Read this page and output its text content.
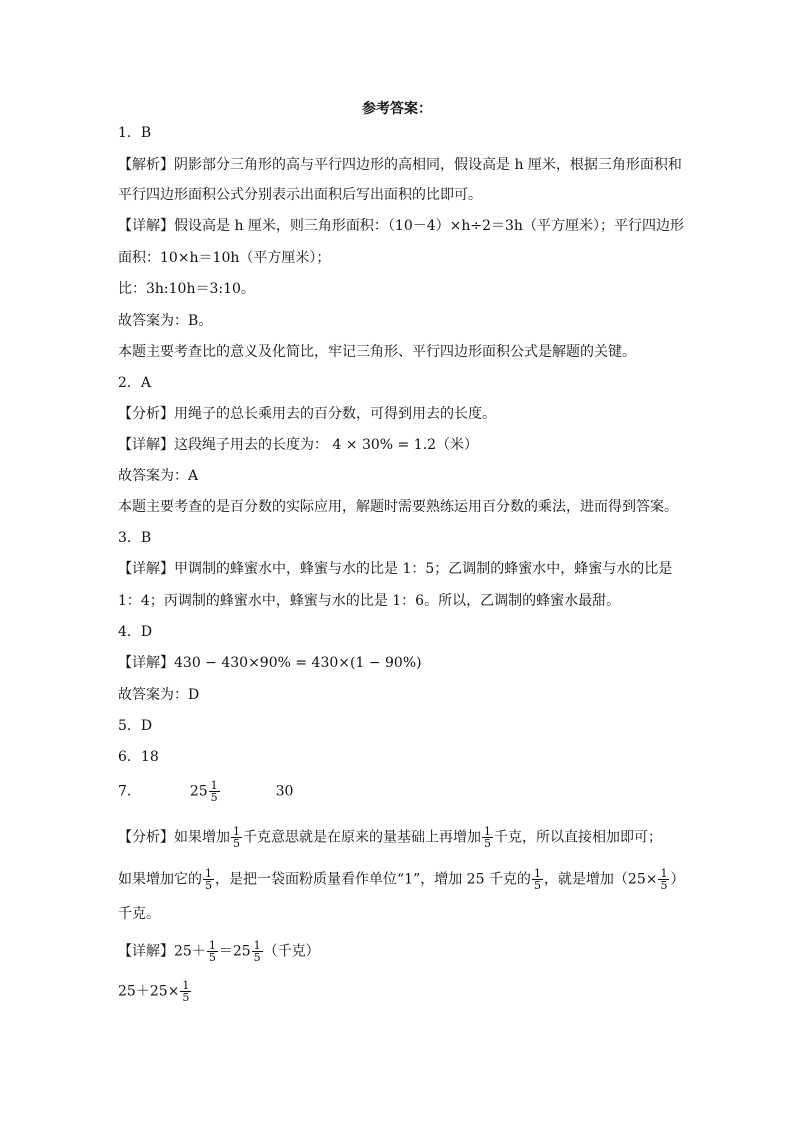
参考答案：
1．B
【解析】阴影部分三角形的高与平行四边形的高相同，假设高是 h 厘米，根据三角形面积和
平行四边形面积公式分别表示出面积后写出面积的比即可。
【详解】假设高是 h 厘米，则三角形面积：（10－4）×h÷2＝3h（平方厘米）；平行四边形
面积：10×h＝10h（平方厘米）；
比：3h:10h＝3:10。
故答案为：B。
本题主要考查比的意义及化简比，牢记三角形、平行四边形面积公式是解题的关键。
2．A
【分析】用绳子的总长乘用去的百分数，可得到用去的长度。
【详解】这段绳子用去的长度为： 4 × 30% = 1.2（米）
故答案为：A
本题主要考查的是百分数的实际应用，解题时需要熟练运用百分数的乘法，进而得到答案。
3．B
【详解】甲调制的蜂蜜水中，蜂蜜与水的比是 1：5；乙调制的蜂蜜水中，蜂蜜与水的比是
1：4；丙调制的蜂蜜水中，蜂蜜与水的比是 1：6。所以，乙调制的蜂蜜水最甜。
4．D
【详解】430 − 430×90% = 430×(1 − 90%)
故答案为：D
5．D
6．18
7．	$25 \frac{1}{5}$	30
【分析】如果增加 $\frac{1}{5}$ 千克意思就是在原来的量基础上再增加 $\frac{1}{5}$ 千克，所以直接相加即可；
如果增加它的 $\frac{1}{5}$ ，是把一袋面粉质量看作单位“1”，增加 25 千克的 $\frac{1}{5}$ ，就是增加（$25\times \frac{1}{5}$ ）
千克。
【详解】$25+ \frac{1}{5} =25 \frac{1}{5}$ （千克）
$25+25\times \frac{1}{5}$
